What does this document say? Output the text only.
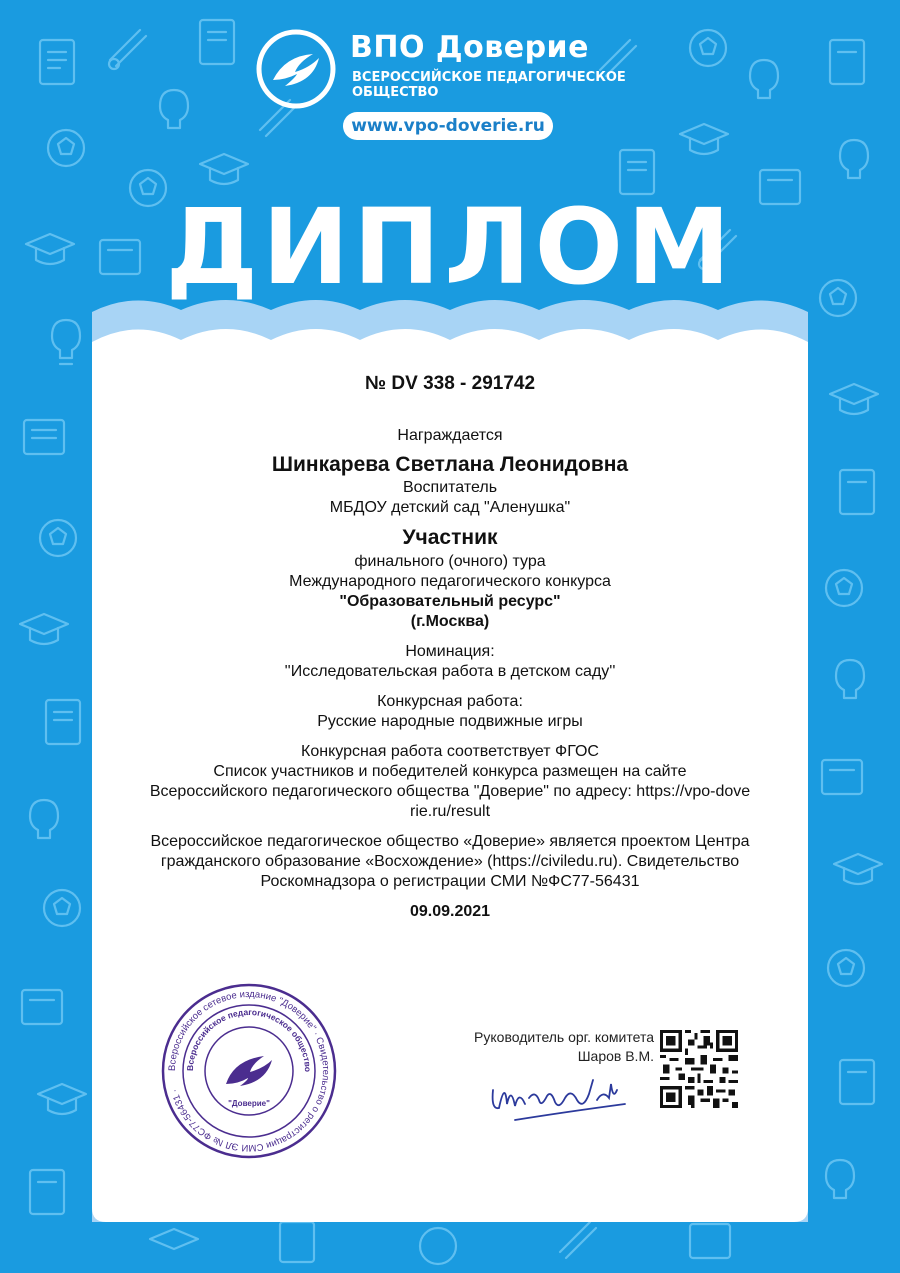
ВПО Доверие
ВСЕРОССИЙСКОЕ ПЕДАГОГИЧЕСКОЕ ОБЩЕСТВО
www.vpo-doverie.ru
ДИПЛОМ

№ DV 338 - 291742

Награждается

Шинкарева Светлана Леонидовна

Воспитатель

МБДОУ детский сад "Аленушка"

Участник

финального (очного) тура

Международного педагогического конкурса

"Образовательный ресурс"

(г.Москва)

Номинация:

''Исследовательская работа в детском саду''

Конкурсная работа:

Русские народные подвижные игры

Конкурсная работа соответствует ФГОС

Список участников и победителей конкурса размещен на сайте

Всероссийского педагогического общества "Доверие" по адресу: https://vpo-doverie.ru/result

Всероссийское педагогическое общество «Доверие» является проектом Центра гражданского образование «Восхождение» (https://civiledu.ru). Свидетельство Роскомнадзора о регистрации СМИ №ФС77-56431

09.09.2021

Всероссийское сетевое издание "Доверие" · Свидетельство о регистрации СМИ ЭЛ № ФС77-56431 ·
Всероссийское педагогическое общество
"Доверие"
Руководитель орг. комитета
Шаров В.М.
